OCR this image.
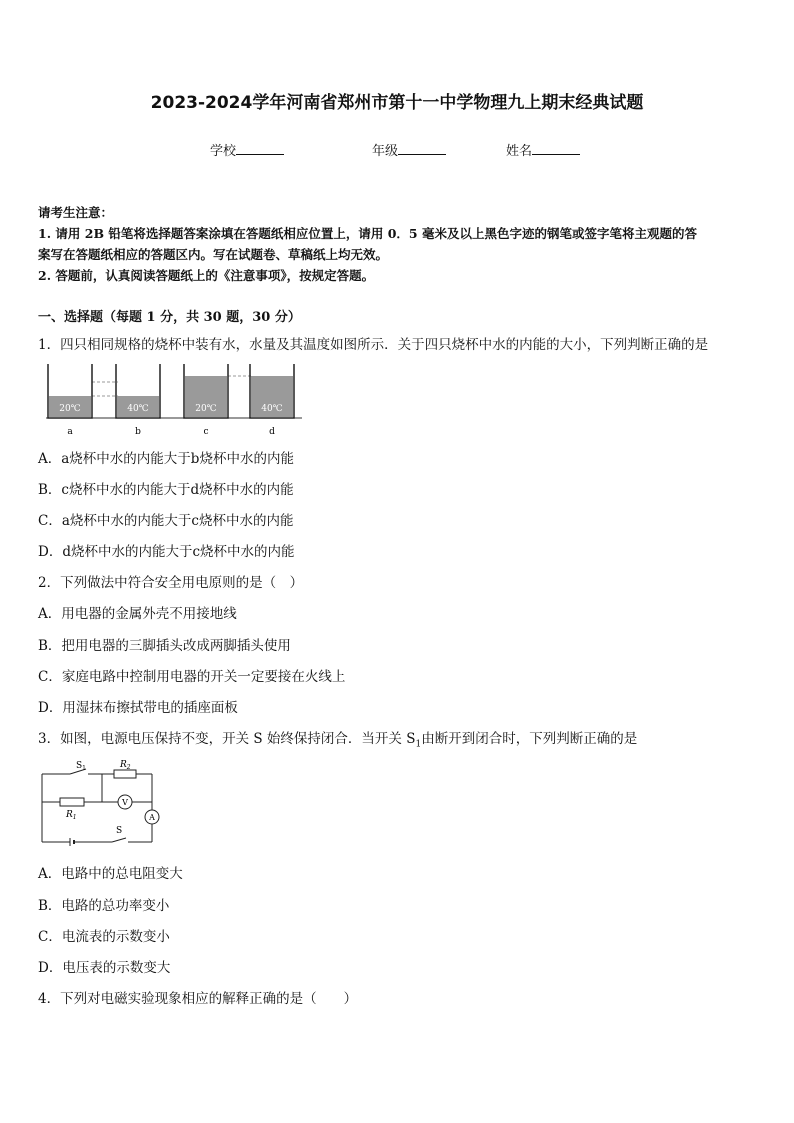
2023-2024学年河南省郑州市第十一中学物理九上期末经典试题
学校	年级	姓名
请考生注意：
1. 请用 2B 铅笔将选择题答案涂填在答题纸相应位置上，请用 0．5 毫米及以上黑色字迹的钢笔或签字笔将主观题的答
案写在答题纸相应的答题区内。写在试题卷、草稿纸上均无效。
2. 答题前，认真阅读答题纸上的《注意事项》，按规定答题。
一、选择题（每题 1 分，共 30 题，30 分）
1．四只相同规格的烧杯中装有水，水量及其温度如图所示．关于四只烧杯中水的内能的大小，下列判断正确的是
20℃	40℃	20℃	40℃
a	b	c	d
A．a烧杯中水的内能大于b烧杯中水的内能
B．c烧杯中水的内能大于d烧杯中水的内能
C．a烧杯中水的内能大于c烧杯中水的内能
D．d烧杯中水的内能大于c烧杯中水的内能
2．下列做法中符合安全用电原则的是（　）
A．用电器的金属外壳不用接地线
B．把用电器的三脚插头改成两脚插头使用
C．家庭电路中控制用电器的开关一定要接在火线上
D．用湿抹布擦拭带电的插座面板
3．如图，电源电压保持不变，开关 S 始终保持闭合．当开关 $S_1$由断开到闭合时，下列判断正确的是
$S_1$	$R_2$
$R_1$
V
A
S
A．电路中的总电阻变大
B．电路的总功率变小
C．电流表的示数变小
D．电压表的示数变大
4．下列对电磁实验现象相应的解释正确的是（　　）
